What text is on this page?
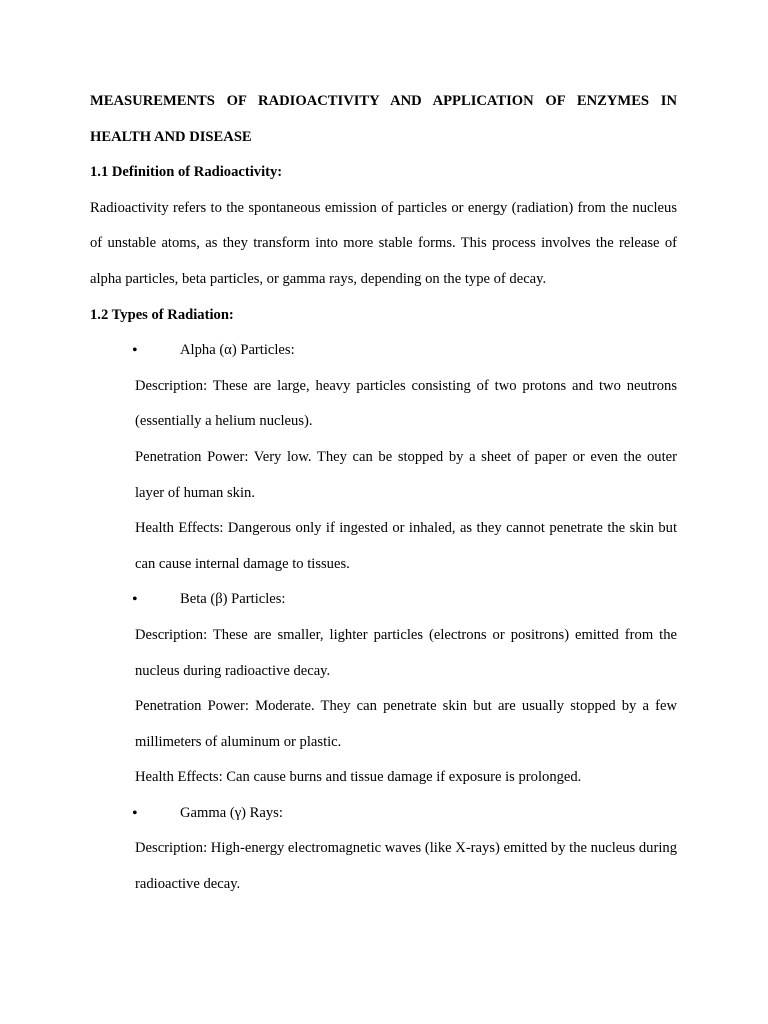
MEASUREMENTS OF RADIOACTIVITY AND APPLICATION OF ENZYMES IN HEALTH AND DISEASE

1.1 Definition of Radioactivity:

Radioactivity refers to the spontaneous emission of particles or energy (radiation) from the nucleus of unstable atoms, as they transform into more stable forms. This process involves the release of alpha particles, beta particles, or gamma rays, depending on the type of decay.

1.2 Types of Radiation:

•	Alpha (α) Particles:

Description: These are large, heavy particles consisting of two protons and two neutrons (essentially a helium nucleus).

Penetration Power: Very low. They can be stopped by a sheet of paper or even the outer layer of human skin.

Health Effects: Dangerous only if ingested or inhaled, as they cannot penetrate the skin but can cause internal damage to tissues.

•	Beta (β) Particles:

Description: These are smaller, lighter particles (electrons or positrons) emitted from the nucleus during radioactive decay.

Penetration Power: Moderate. They can penetrate skin but are usually stopped by a few millimeters of aluminum or plastic.

Health Effects: Can cause burns and tissue damage if exposure is prolonged.

•	Gamma (γ) Rays:

Description: High-energy electromagnetic waves (like X-rays) emitted by the nucleus during radioactive decay.
